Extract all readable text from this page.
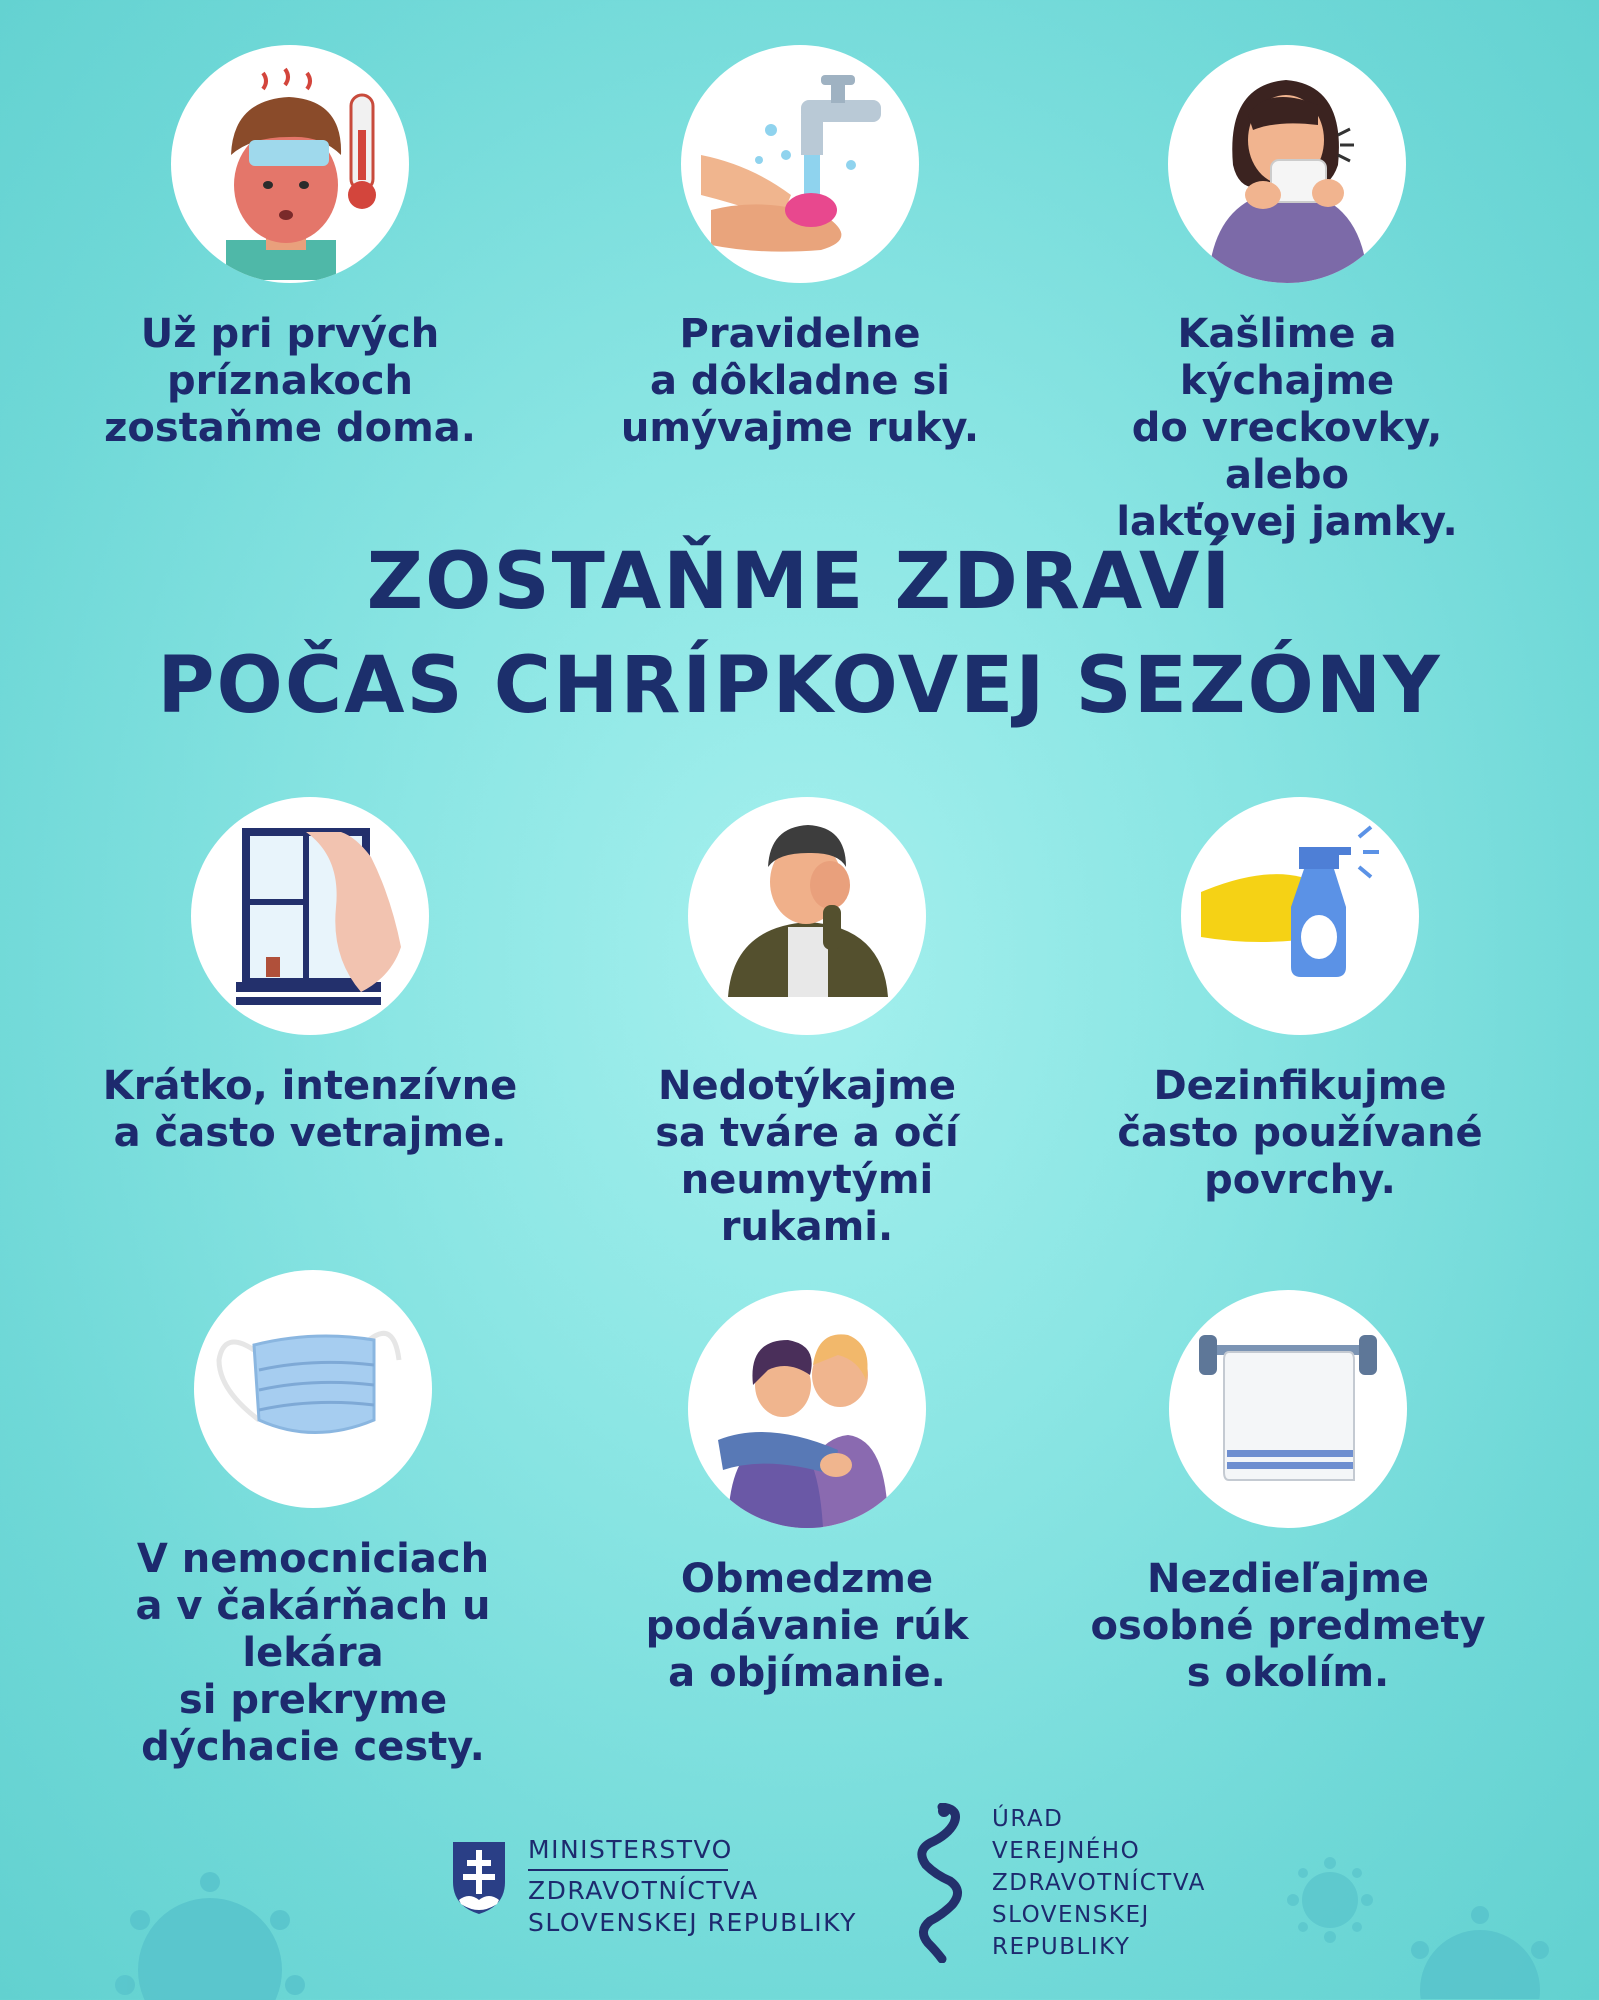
Už pri prvých
príznakoch
zostaňme doma.
Pravidelne
a dôkladne si
umývajme ruky.
Kašlime a kýchajme
do vreckovky, alebo
lakťovej jamky.
ZOSTAŇME ZDRAVÍ
POČAS CHRÍPKOVEJ SEZÓNY
Krátko, intenzívne
a často vetrajme.
Nedotýkajme
sa tváre a očí
neumytými rukami.
Dezinfikujme
často používané
povrchy.
V nemocniciach
a v čakárňach u lekára
si prekryme
dýchacie cesty.
Obmedzme
podávanie rúk
a objímanie.
Nezdieľajme
osobné predmety
s okolím.
MINISTERSTVO
ZDRAVOTNÍCTVA
SLOVENSKEJ REPUBLIKY
ÚRAD
VEREJNÉHO
ZDRAVOTNÍCTVA
SLOVENSKEJ
REPUBLIKY
